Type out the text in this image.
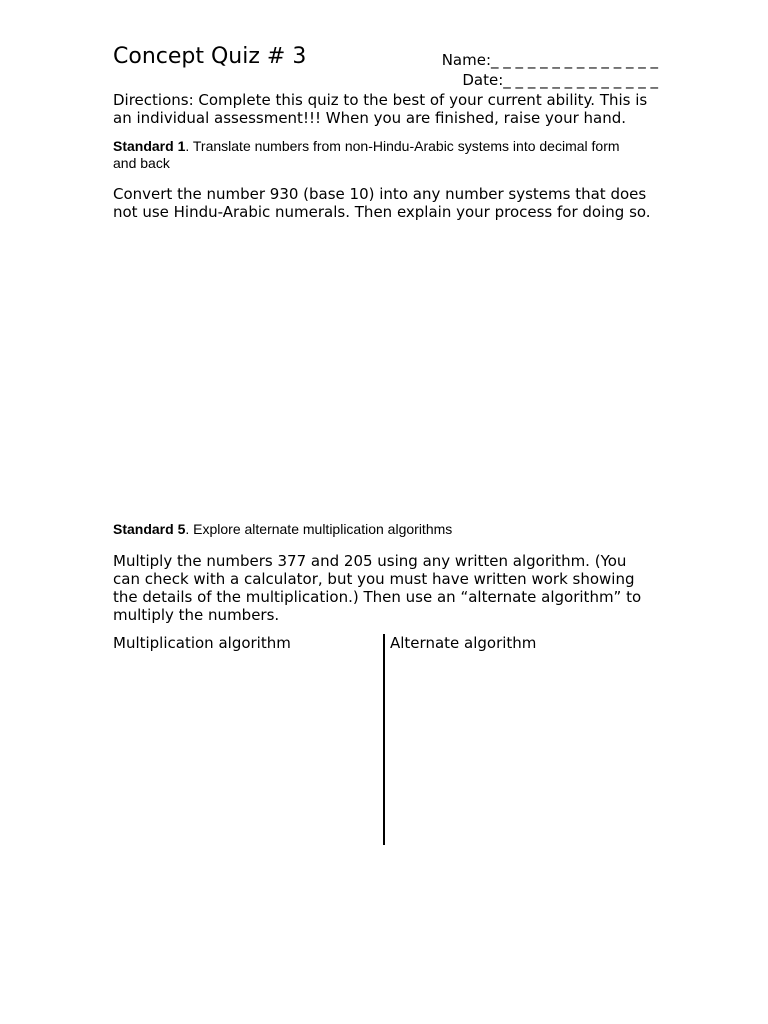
Concept Quiz # 3	Name:_ _ _ _ _ _ _ _ _ _ _ _ _ _
Date:_ _ _ _ _ _ _ _ _ _ _ _ _
Directions: Complete this quiz to the best of your current ability. This is an individual assessment!!! When you are finished, raise your hand.
Standard 1. Translate numbers from non-Hindu-Arabic systems into decimal form and back
Convert the number 930 (base 10) into any number systems that does not use Hindu-Arabic numerals. Then explain your process for doing so.
Standard 5. Explore alternate multiplication algorithms
Multiply the numbers 377 and 205 using any written algorithm. (You can check with a calculator, but you must have written work showing the details of the multiplication.) Then use an “alternate algorithm” to multiply the numbers.
Multiplication algorithm	Alternate algorithm
